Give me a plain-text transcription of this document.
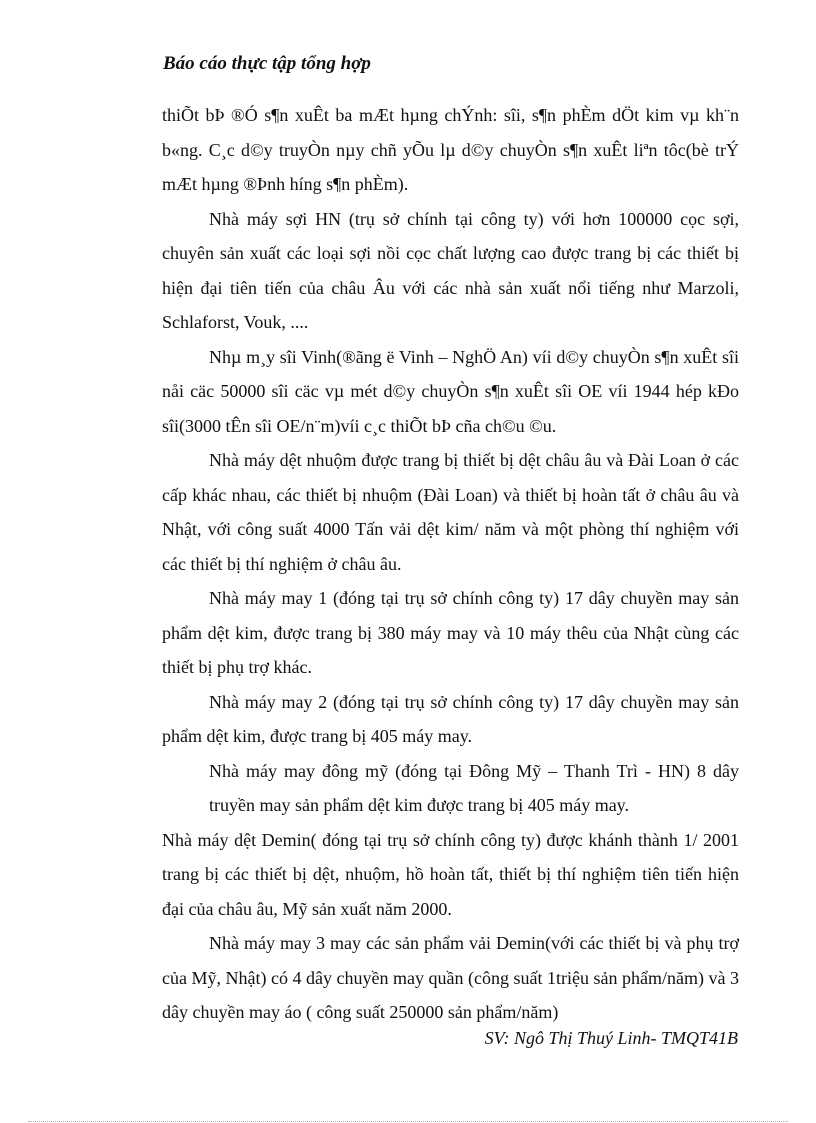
Báo cáo thực tập tổng hợp

thiÕt bÞ ®Ó s¶n xuÊt ba mÆt hµng chÝnh: sîi, s¶n phÈm dÖt kim vµ kh¨n b«ng. C¸c d©y truyÒn nµy chñ yÕu lµ d©y chuyÒn s¶n xuÊt liªn tôc(bè trÝ mÆt hµng ®Þnh híng s¶n phÈm).

Nhà máy sợi HN (trụ sở chính tại công ty) với hơn 100000 cọc sợi, chuyên sản xuất các loại sợi nồi cọc chất lượng cao được trang bị các thiết bị hiện đại tiên tiến của châu Âu với các nhà sản xuất nổi tiếng như Marzoli, Schlaforst, Vouk, ....

Nhµ m¸y sîi Vinh(®ãng ë Vinh – NghÖ An) víi d©y chuyÒn s¶n xuÊt sîi nåi cäc 50000 sîi cäc vµ mét d©y chuyÒn s¶n xuÊt sîi OE víi 1944 hép kÐo sîi(3000 tÊn sîi OE/n¨m)víi c¸c thiÕt bÞ cña ch©u ©u.

Nhà máy dệt nhuộm được trang bị thiết bị dệt châu âu và Đài Loan ở các cấp khác nhau, các thiết bị nhuộm (Đài Loan) và thiết bị hoàn tất ở châu âu và Nhật, với công suất 4000 Tấn vải dệt kim/ năm và một phòng thí nghiệm với các thiết bị thí nghiệm ở châu âu.

Nhà máy may 1 (đóng tại trụ sở chính công ty) 17 dây chuyền may sản phẩm dệt kim, được trang bị 380 máy may và 10 máy thêu của Nhật cùng các thiết bị phụ trợ khác.

Nhà máy may 2 (đóng tại trụ sở chính công ty) 17 dây chuyền may sản phẩm dệt kim, được trang bị 405 máy may.

Nhà máy may đông mỹ (đóng tại Đông Mỹ – Thanh Trì - HN) 8 dây truyền may sản phẩm dệt kim được trang bị 405 máy may.

Nhà máy dệt Demin( đóng tại trụ sở chính công ty) được khánh thành 1/ 2001 trang bị các thiết bị dệt, nhuộm, hồ hoàn tất, thiết bị thí nghiệm tiên tiến hiện đại của châu âu, Mỹ sản xuất năm 2000.

Nhà máy may 3 may các sản phẩm vải Demin(với các thiết bị và phụ trợ của Mỹ, Nhật) có 4 dây chuyền may quần (công suất 1triệu sản phẩm/năm) và 3 dây chuyền may áo ( công suất 250000 sản phẩm/năm)

SV: Ngô Thị Thuý Linh- TMQT41B
